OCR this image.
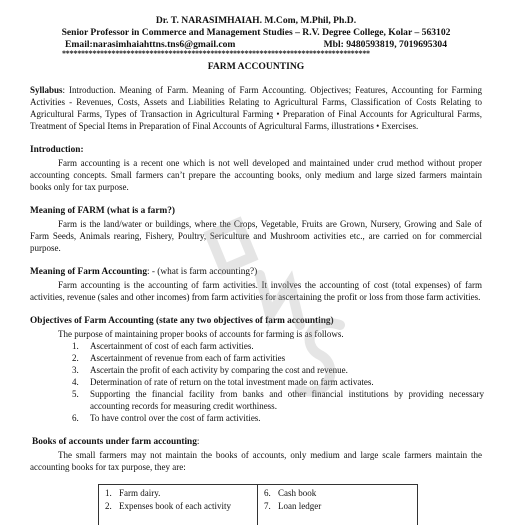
Dr. T. NARASIMHAIAH. M.Com, M.Phil, Ph.D.
Senior Professor in Commerce and Management Studies – R.V. Degree College, Kolar – 563102
Email:narasimhaiahttns.tns6@gmail.com	Mbl: 9480593819, 7019695304
*********************************************************************************
FARM ACCOUNTING
Syllabus: Introduction. Meaning of Farm. Meaning of Farm Accounting. Objectives; Features, Accounting for Farming Activities - Revenues, Costs, Assets and Liabilities Relating to Agricultural Farms, Classification of Costs Relating to Agricultural Farms, Types of Transaction in Agricultural Farming • Preparation of Final Accounts for Agricultural Farms, Treatment of Special Items in Preparation of Final Accounts of Agricultural Farms, illustrations • Exercises.
Introduction:
Farm accounting is a recent one which is not well developed and maintained under crud method without proper accounting concepts. Small farmers can’t prepare the accounting books, only medium and large sized farmers maintain books only for tax purpose.
Meaning of FARM (what is a farm?)
Farm is the land/water or buildings, where the Crops, Vegetable, Fruits are Grown, Nursery, Growing and Sale of Farm Seeds, Animals rearing, Fishery, Poultry, Sericulture and Mushroom activities etc., are carried on for commercial purpose.
Meaning of Farm Accounting: - (what is farm accounting?)
Farm accounting is the accounting of farm activities. It involves the accounting of cost (total expenses) of farm activities, revenue (sales and other incomes) from farm activities for ascertaining the profit or loss from those farm activities.
Objectives of Farm Accounting (state any two objectives of farm accounting)
The purpose of maintaining proper books of accounts for farming is as follows.
1. Ascertainment of cost of each farm activities.
2. Ascertainment of revenue from each of farm activities
3. Ascertain the profit of each activity by comparing the cost and revenue.
4. Determination of rate of return on the total investment made on farm activates.
5. Supporting the financial facility from banks and other financial institutions by providing necessary accounting records for measuring credit worthiness.
6. To have control over the cost of farm activities.
Books of accounts under farm accounting:
The small farmers may not maintain the books of accounts, only medium and large scale farmers maintain the accounting books for tax purpose, they are:
1. Farm dairy.
2. Expenses book of each activity
6. Cash book
7. Loan ledger
